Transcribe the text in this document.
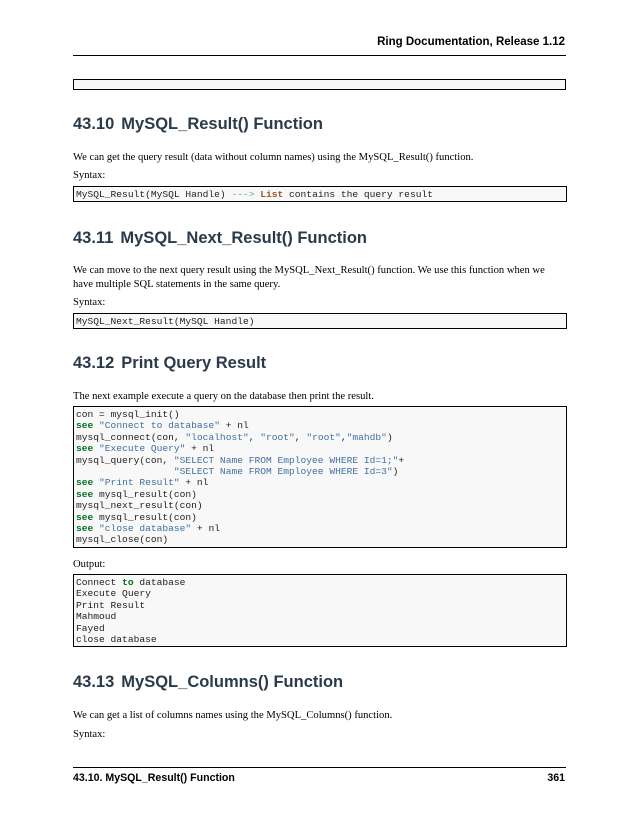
Ring Documentation, Release 1.12
43.10 MySQL_Result() Function
We can get the query result (data without column names) using the MySQL_Result() function.
Syntax:
MySQL_Result(MySQL Handle) ---> List contains the query result
43.11 MySQL_Next_Result() Function
We can move to the next query result using the MySQL_Next_Result() function. We use this function when we have multiple SQL statements in the same query.
Syntax:
MySQL_Next_Result(MySQL Handle)
43.12 Print Query Result
The next example execute a query on the database then print the result.
con = mysql_init()
see "Connect to database" + nl
mysql_connect(con, "localhost", "root", "root","mahdb")
see "Execute Query" + nl
mysql_query(con, "SELECT Name FROM Employee WHERE Id=1;"+
"SELECT Name FROM Employee WHERE Id=3")
see "Print Result" + nl
see mysql_result(con)
mysql_next_result(con)
see mysql_result(con)
see "close database" + nl
mysql_close(con)
Output:
Connect to database
Execute Query
Print Result
Mahmoud
Fayed
close database
43.13 MySQL_Columns() Function
We can get a list of columns names using the MySQL_Columns() function.
Syntax:
43.10. MySQL_Result() Function	361
